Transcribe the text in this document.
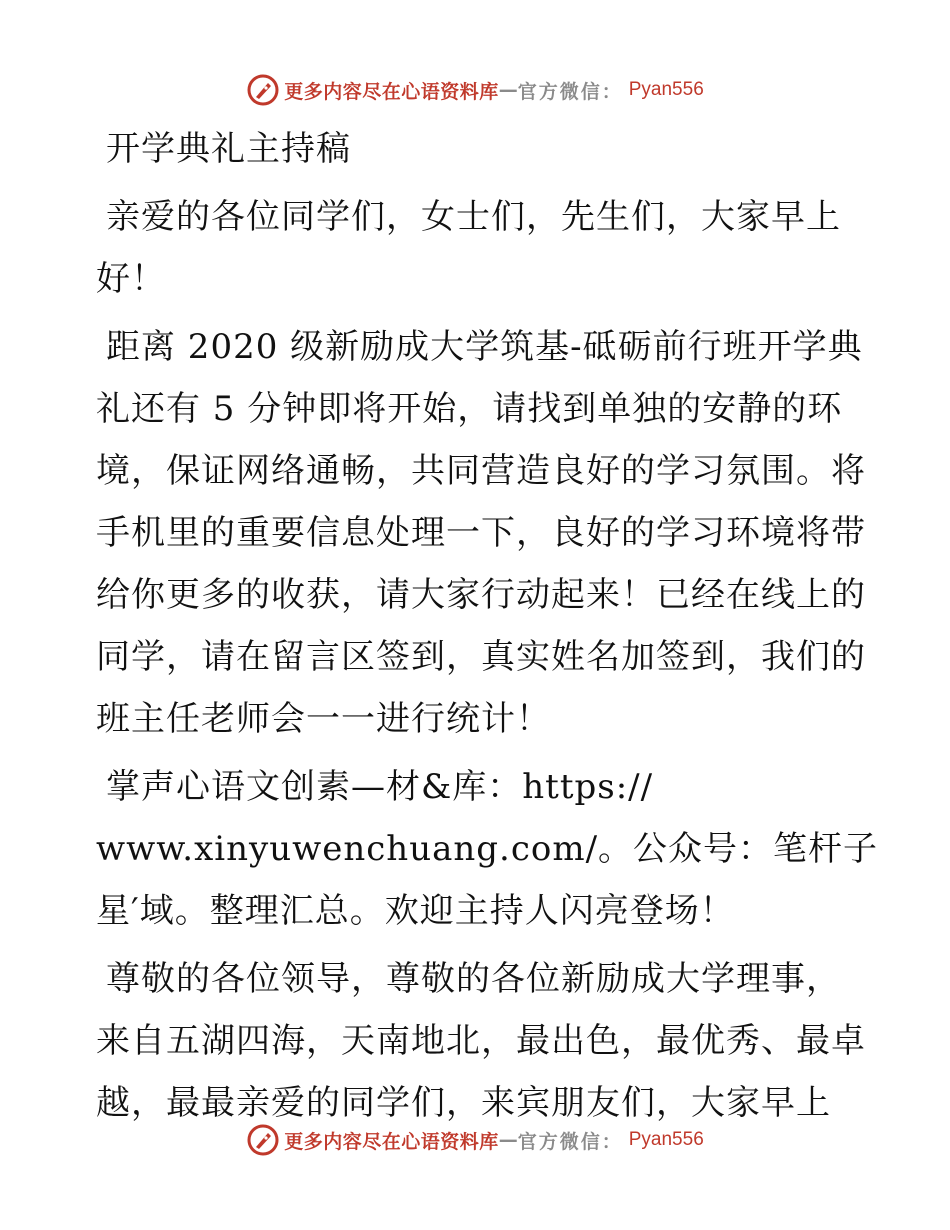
更多内容尽在心语资料库 — 官方微信： Pyan556
开学典礼主持稿
亲爱的各位同学们，女士们，先生们，大家早上
好！
距离 2020 级新励成大学筑基-砥砺前行班开学典
礼还有 5 分钟即将开始，请找到单独的安静的环
境，保证网络通畅，共同营造良好的学习氛围。将
手机里的重要信息处理一下，良好的学习环境将带
给你更多的收获，请大家行动起来！已经在线上的
同学，请在留言区签到，真实姓名加签到，我们的
班主任老师会一一进行统计！
掌声心语文创素—材&库：https://
www.xinyuwenchuang.com/。公众号：笔杆子
星′域。整理汇总。欢迎主持人闪亮登场！
尊敬的各位领导，尊敬的各位新励成大学理事，
来自五湖四海，天南地北，最出色，最优秀、最卓
越，最最亲爱的同学们，来宾朋友们，大家早上
更多内容尽在心语资料库 — 官方微信： Pyan556
